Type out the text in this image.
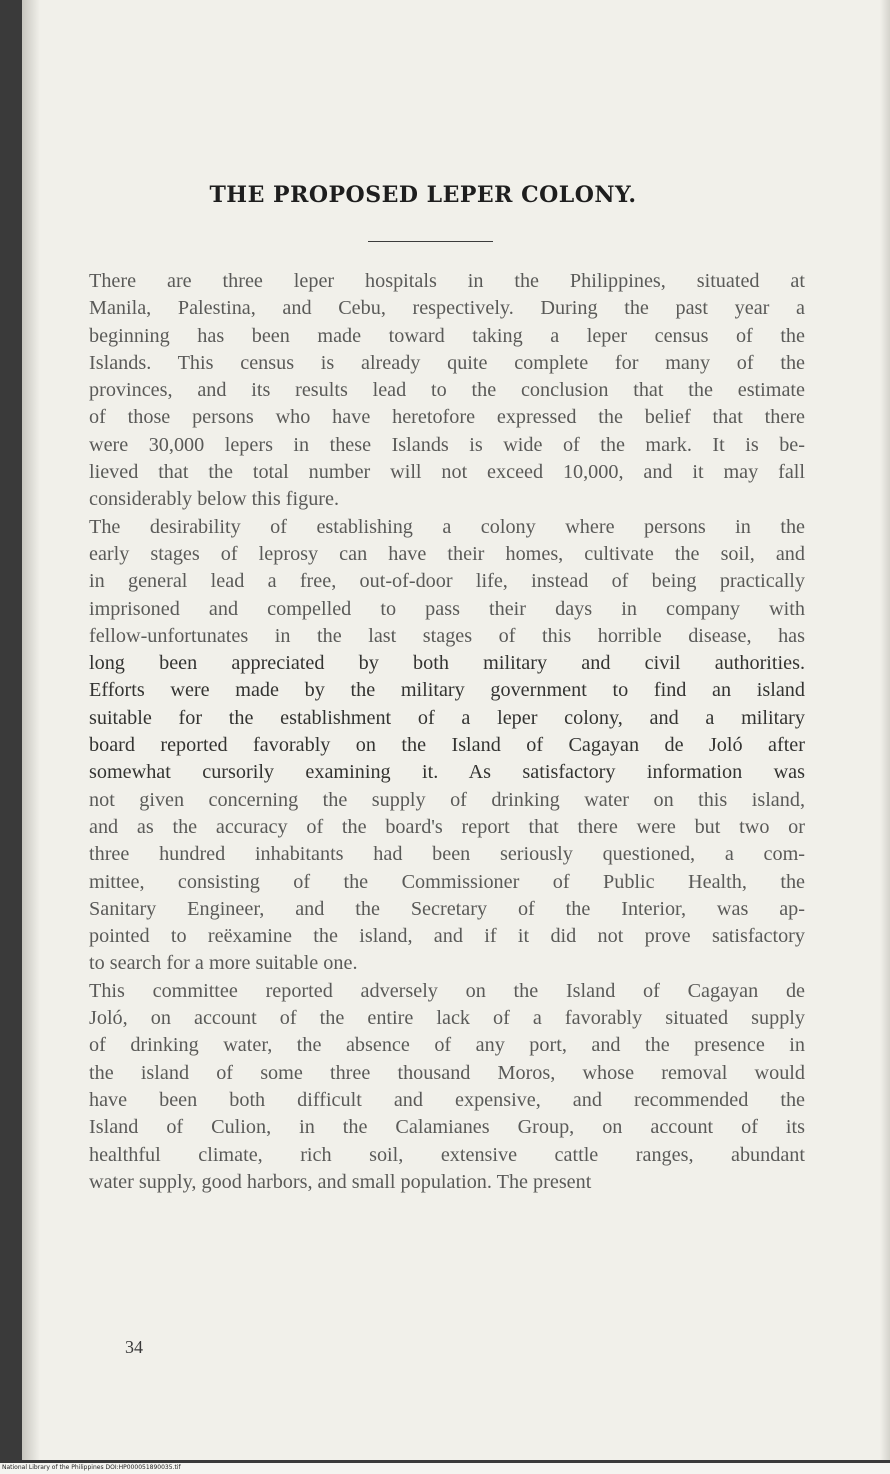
THE PROPOSED LEPER COLONY.

There are three leper hospitals in the Philippines, situated at
Manila, Palestina, and Cebu, respectively. During the past year a
beginning has been made toward taking a leper census of the
Islands. This census is already quite complete for many of the
provinces, and its results lead to the conclusion that the estimate
of those persons who have heretofore expressed the belief that there
were 30,000 lepers in these Islands is wide of the mark. It is be-
lieved that the total number will not exceed 10,000, and it may fall
considerably below this figure.

The desirability of establishing a colony where persons in the
early stages of leprosy can have their homes, cultivate the soil, and
in general lead a free, out-of-door life, instead of being practically
imprisoned and compelled to pass their days in company with
fellow-unfortunates in the last stages of this horrible disease, has
long been appreciated by both military and civil authorities.
Efforts were made by the military government to find an island
suitable for the establishment of a leper colony, and a military
board reported favorably on the Island of Cagayan de Joló after
somewhat cursorily examining it. As satisfactory information was
not given concerning the supply of drinking water on this island,
and as the accuracy of the board's report that there were but two or
three hundred inhabitants had been seriously questioned, a com-
mittee, consisting of the Commissioner of Public Health, the
Sanitary Engineer, and the Secretary of the Interior, was ap-
pointed to reëxamine the island, and if it did not prove satisfactory
to search for a more suitable one.

This committee reported adversely on the Island of Cagayan de
Joló, on account of the entire lack of a favorably situated supply
of drinking water, the absence of any port, and the presence in
the island of some three thousand Moros, whose removal would
have been both difficult and expensive, and recommended the
Island of Culion, in the Calamianes Group, on account of its
healthful climate, rich soil, extensive cattle ranges, abundant
water supply, good harbors, and small population. The present

34
National Library of the Philippines DOI:HP000051890035.tif
